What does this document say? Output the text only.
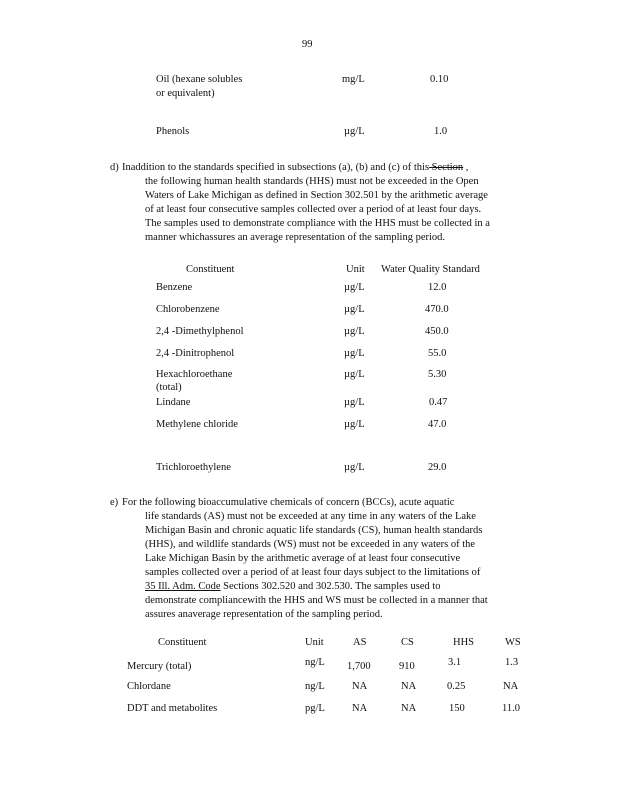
99
Oil (hexane solubles
or equivalent)
mg/L	0.10
Phenols	µg/L	1.0
d) Inaddition to the standards specified in subsections (a), (b) and (c) of this Section ,
the following human health standards (HHS) must not be exceeded in the Open
Waters of Lake Michigan as defined in Section 302.501 by the arithmetic average
of at least four consecutive samples collected over a period of at least four days.
The samples used to demonstrate compliance with the HHS must be collected in a
manner whichassures an average representation of the sampling period.
Constituent	Unit Water Quality Standard
Benzene	µg/L	12.0
Chlorobenzene	µg/L	470.0
2,4 -Dimethylphenol	µg/L	450.0
2,4 -Dinitrophenol	µg/L	55.0
Hexachloroethane
(total)
µg/L	5.30
Lindane	µg/L	0.47
Methylene chloride	µg/L	47.0
Trichloroethylene	µg/L	29.0
e) For the following bioaccumulative chemicals of concern (BCCs), acute aquatic
life standards (AS) must not be exceeded at any time in any waters of the Lake
Michigan Basin and chronic aquatic life standards (CS), human health standards
(HHS), and wildlife standards (WS) must not be exceeded in any waters of the
Lake Michigan Basin by the arithmetic average of at least four consecutive
samples collected over a period of at least four days subject to the limitations of
35 Ill. Adm. Code Sections 302.520 and 302.530. The samples used to
demonstrate compliancewith the HHS and WS must be collected in a manner that
assures anaverage representation of the sampling period.
Constituent	Unit	AS	CS	HHS	WS
Mercury (total)	ng/L 1,700	910	3.1	1.3
Chlordane	ng/L	NA	NA	0.25	NA
DDT and metabolites	pg/L	NA	NA	150	11.0
